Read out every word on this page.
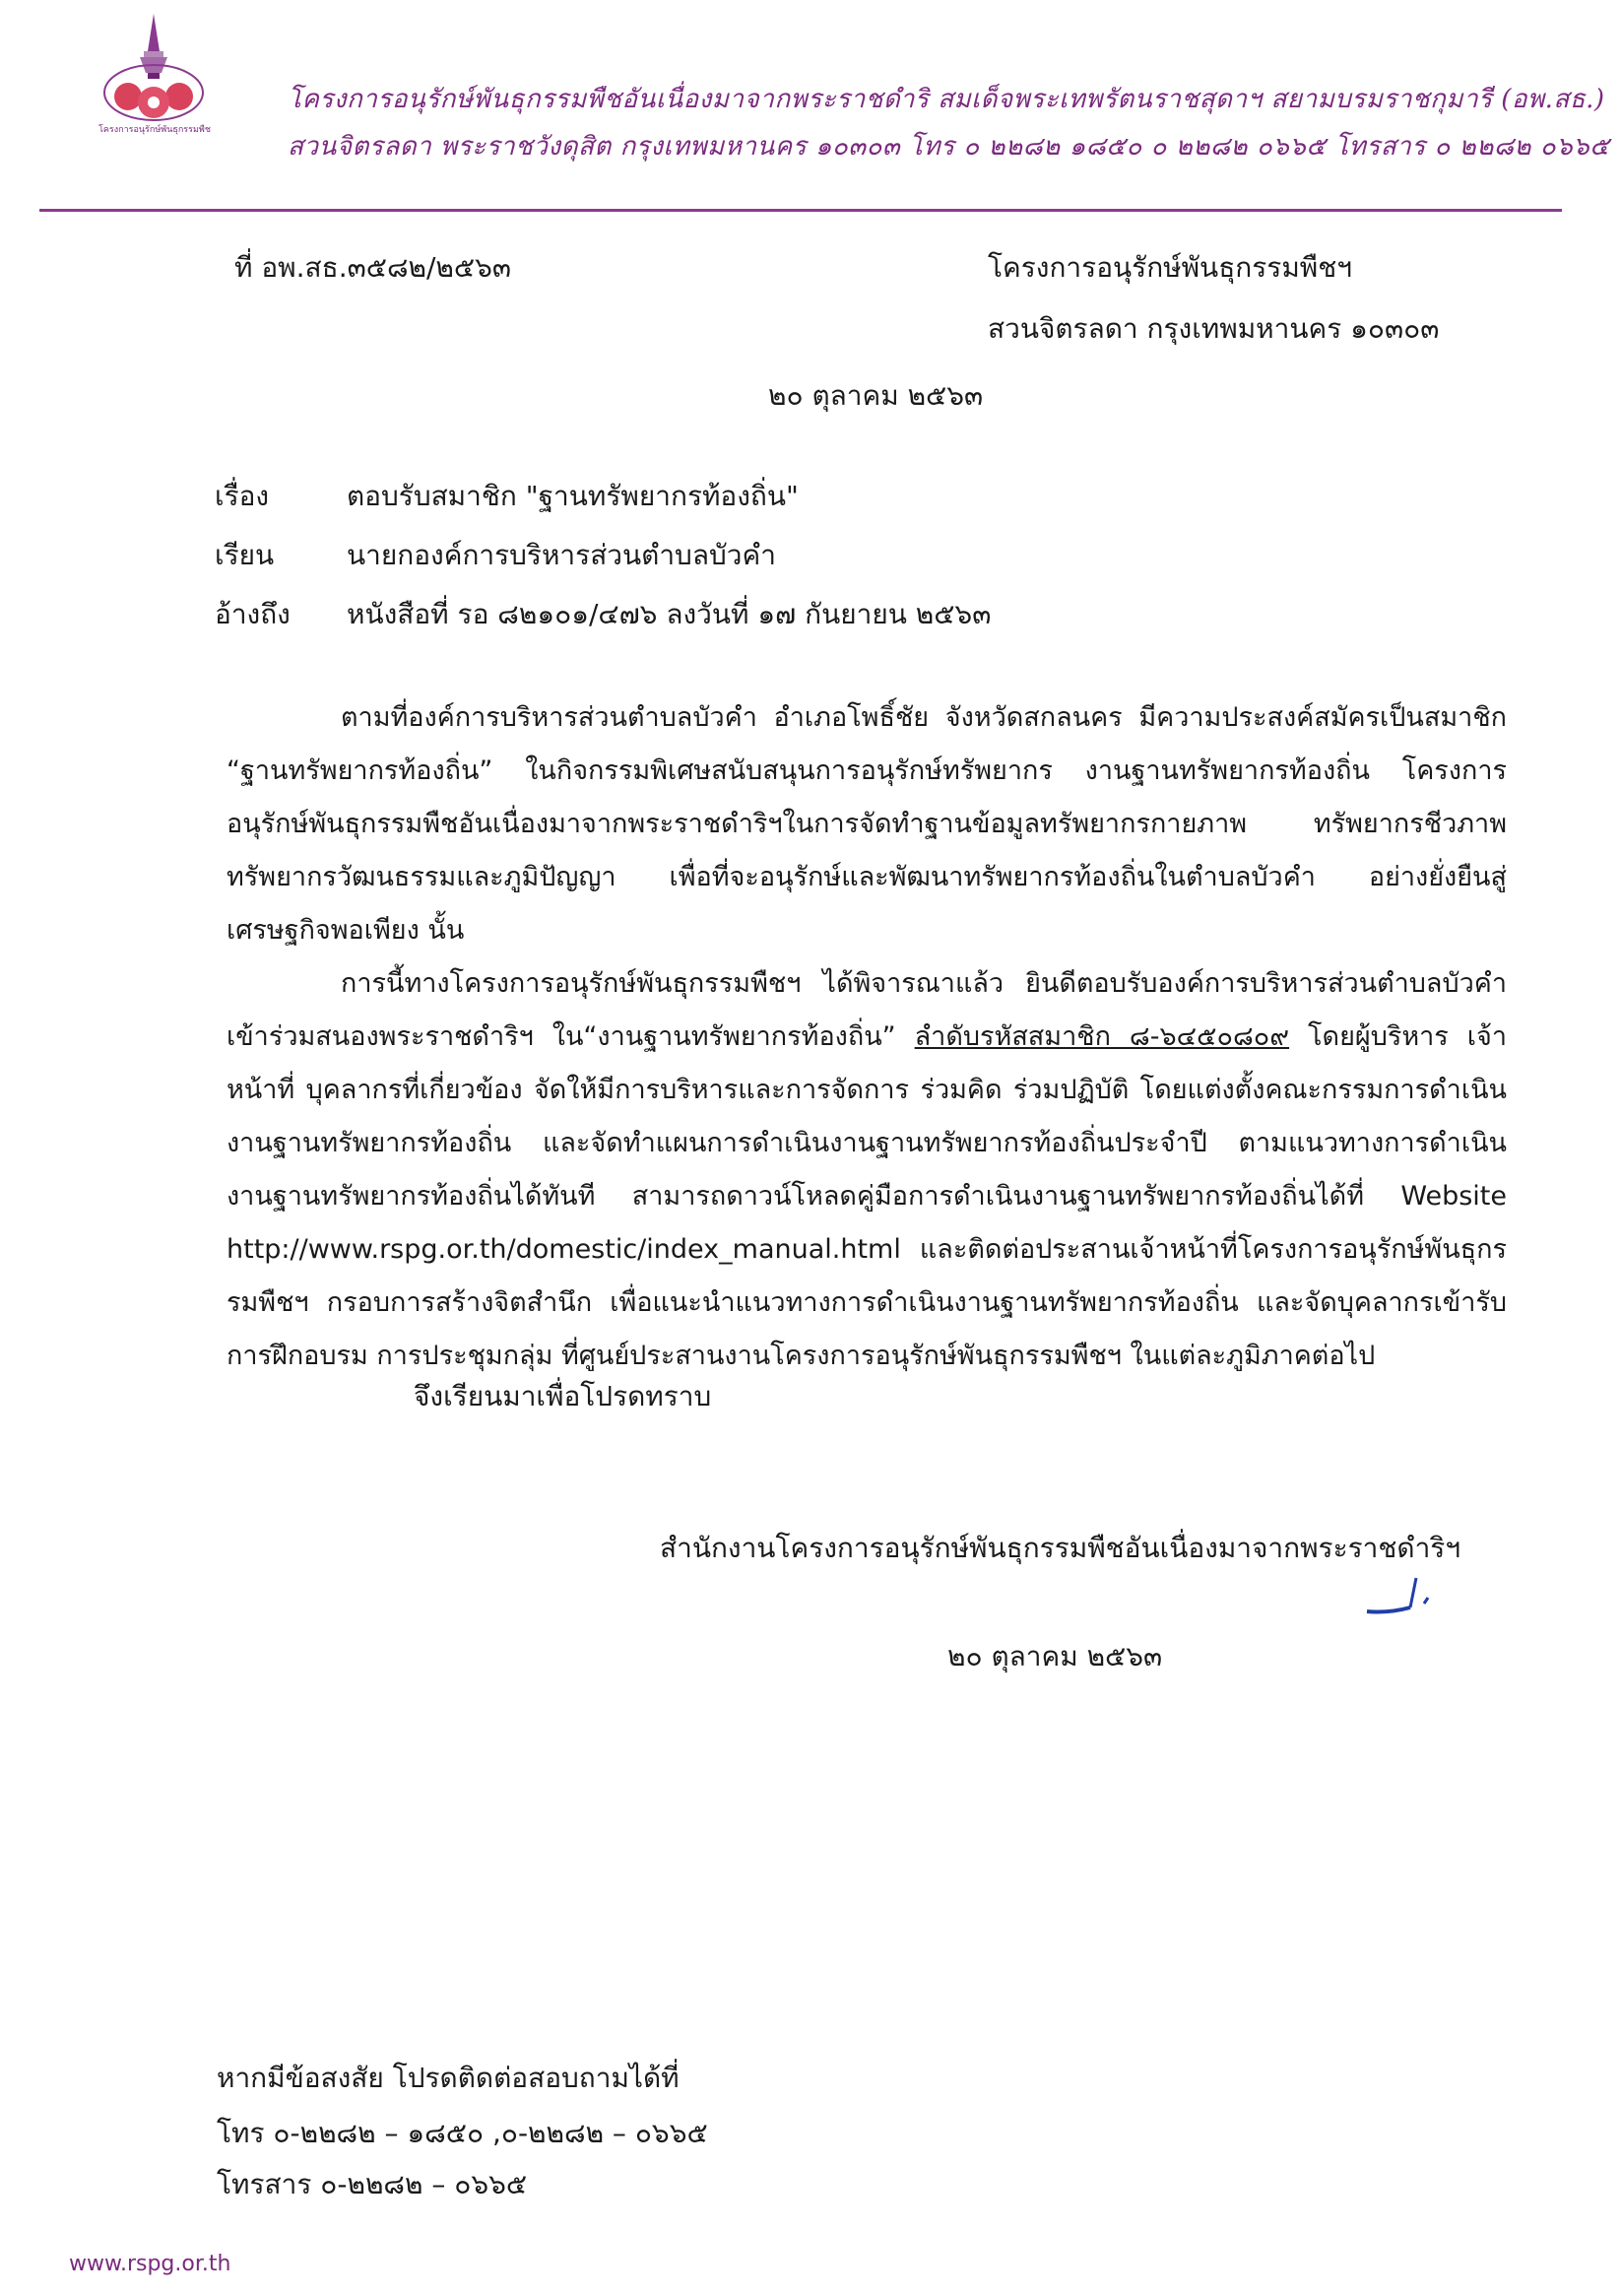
โครงการอนุรักษ์พันธุกรรมพืช
โครงการอนุรักษ์พันธุกรรมพืชอันเนื่องมาจากพระราชดำริ สมเด็จพระเทพรัตนราชสุดาฯ สยามบรมราชกุมารี (อพ.สธ.)
สวนจิตรลดา พระราชวังดุสิต กรุงเทพมหานคร ๑๐๓๐๓ โทร ๐ ๒๒๘๒ ๑๘๕๐ ๐ ๒๒๘๒ ๐๖๖๕ โทรสาร ๐ ๒๒๘๒ ๐๖๖๕
ที่ อพ.สธ.๓๕๘๒/๒๕๖๓	โครงการอนุรักษ์พันธุกรรมพืชฯ
สวนจิตรลดา กรุงเทพมหานคร ๑๐๓๐๓
๒๐ ตุลาคม ๒๕๖๓
เรื่อง	ตอบรับสมาชิก "ฐานทรัพยากรท้องถิ่น"
เรียน	นายกองค์การบริหารส่วนตำบลบัวคำ
อ้างถึง หนังสือที่ รอ ๘๒๑๐๑/๔๗๖ ลงวันที่ ๑๗ กันยายน ๒๕๖๓

ตามที่องค์การบริหารส่วนตำบลบัวคำ อำเภอโพธิ์ชัย จังหวัดสกลนคร มีความประสงค์สมัครเป็นสมาชิก “ฐานทรัพยากรท้องถิ่น” ในกิจกรรมพิเศษสนับสนุนการอนุรักษ์ทรัพยากร งานฐานทรัพยากรท้องถิ่น โครงการอนุรักษ์พันธุกรรมพืชอันเนื่องมาจากพระราชดำริฯในการจัดทำฐานข้อมูลทรัพยากรกายภาพ ทรัพยากรชีวภาพ ทรัพยากรวัฒนธรรมและภูมิปัญญา เพื่อที่จะอนุรักษ์และพัฒนาทรัพยากรท้องถิ่นในตำบลบัวคำ อย่างยั่งยืนสู่เศรษฐกิจพอเพียง นั้น

การนี้ทางโครงการอนุรักษ์พันธุกรรมพืชฯ ได้พิจารณาแล้ว ยินดีตอบรับองค์การบริหารส่วนตำบลบัวคำเข้าร่วมสนองพระราชดำริฯ ใน“งานฐานทรัพยากรท้องถิ่น” ลำดับรหัสสมาชิก ๘-๖๔๕๐๘๐๙ โดยผู้บริหาร เจ้าหน้าที่ บุคลากรที่เกี่ยวข้อง จัดให้มีการบริหารและการจัดการ ร่วมคิด ร่วมปฏิบัติ โดยแต่งตั้งคณะกรรมการดำเนินงานฐานทรัพยากรท้องถิ่น และจัดทำแผนการดำเนินงานฐานทรัพยากรท้องถิ่นประจำปี ตามแนวทางการดำเนินงานฐานทรัพยากรท้องถิ่นได้ทันที สามารถดาวน์โหลดคู่มือการดำเนินงานฐานทรัพยากรท้องถิ่นได้ที่ Website http://www.rspg.or.th/domestic/index_manual.html และติดต่อประสานเจ้าหน้าที่โครงการอนุรักษ์พันธุกรรมพืชฯ กรอบการสร้างจิตสำนึก เพื่อแนะนำแนวทางการดำเนินงานฐานทรัพยากรท้องถิ่น และจัดบุคลากรเข้ารับการฝึกอบรม การประชุมกลุ่ม ที่ศูนย์ประสานงานโครงการอนุรักษ์พันธุกรรมพืชฯ ในแต่ละภูมิภาคต่อไป

จึงเรียนมาเพื่อโปรดทราบ
สำนักงานโครงการอนุรักษ์พันธุกรรมพืชอันเนื่องมาจากพระราชดำริฯ
๒๐ ตุลาคม ๒๕๖๓
หากมีข้อสงสัย โปรดติดต่อสอบถามได้ที่
โทร ๐-๒๒๘๒ – ๑๘๕๐ ,๐-๒๒๘๒ – ๐๖๖๕
โทรสาร ๐-๒๒๘๒ – ๐๖๖๕
www.rspg.or.th
